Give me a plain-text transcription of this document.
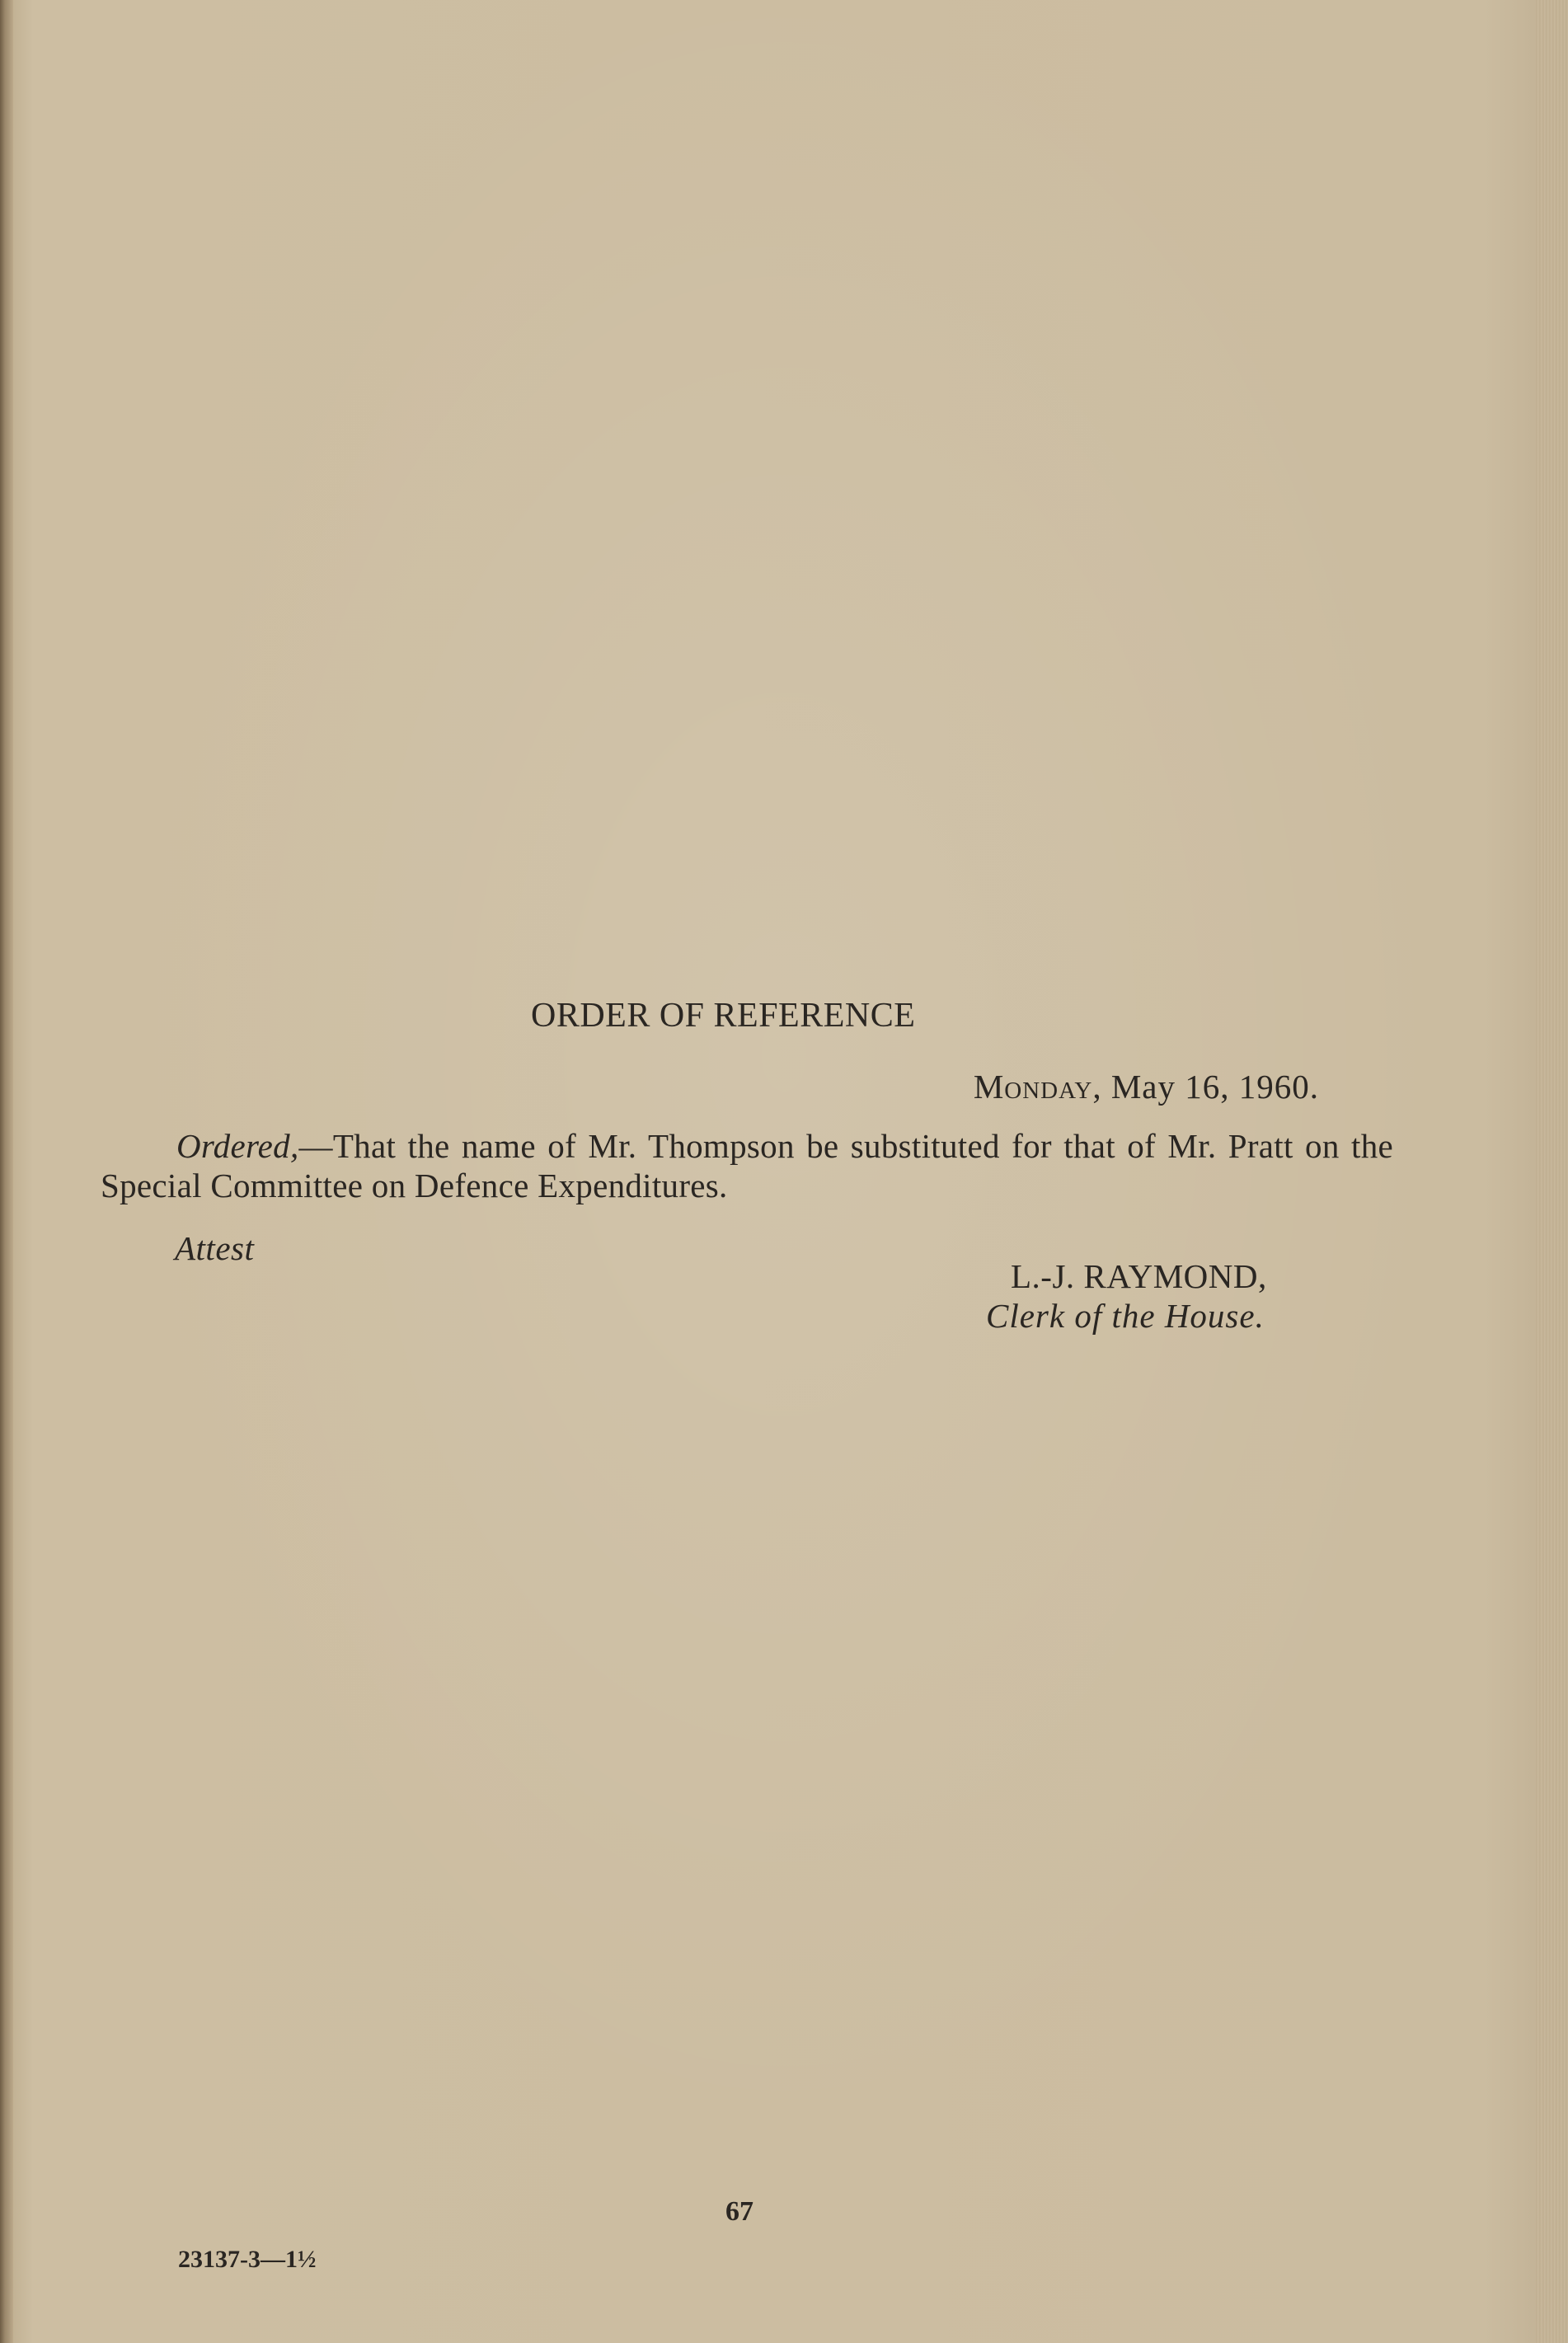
ORDER OF REFERENCE
Monday, May 16, 1960.
Ordered,—That the name of Mr. Thompson be substituted for that of Mr. Pratt on the Special Committee on Defence Expenditures.
Attest
L.-J. RAYMOND,
Clerk of the House.
67
23137-3—1½
